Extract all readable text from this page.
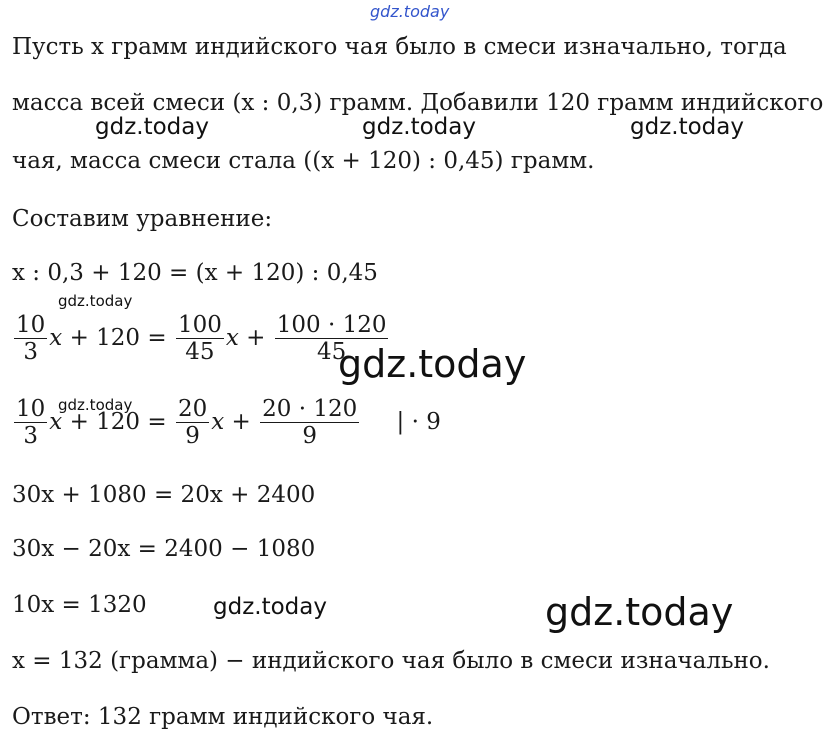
gdz.today
gdz.today	gdz.today	gdz.today
gdz.today
gdz.today
gdz.today
gdz.today	gdz.today
Пусть x грамм индийского чая было в смеси изначально, тогда
масса всей смеси (x : 0,3) грамм. Добавили 120 грамм индийского
чая, масса смеси стала ((x + 120) : 0,45) грамм.
Составим уравнение:
x : 0,3 + 120 = (x + 120) : 0,45
$\frac{10}{3}$ $x + 120 = \frac{100}{45}$ $x + \frac{100 \cdot 120}{45}$
$\frac{10}{3}$ $x + 120 = \frac{20}{9}$ $x + \frac{20 \cdot 120}{9}$ | · 9
30x + 1080 = 20x + 2400
30x − 20x = 2400 − 1080
10x = 1320
x = 132 (грамма) − индийского чая было в смеси изначально.
Ответ: 132 грамм индийского чая.
